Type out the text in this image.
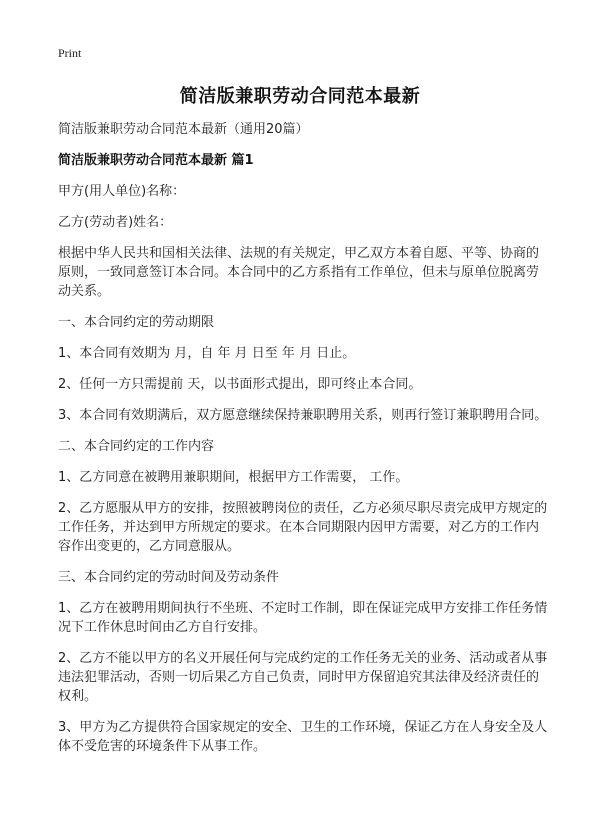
Print
简洁版兼职劳动合同范本最新

简洁版兼职劳动合同范本最新（通用20篇）

简洁版兼职劳动合同范本最新 篇1

甲方(用人单位)名称：

乙方(劳动者)姓名：

根据中华人民共和国相关法律、法规的有关规定，甲乙双方本着自愿、平等、协商的原则，一致同意签订本合同。本合同中的乙方系指有工作单位，但未与原单位脱离劳动关系。

一、本合同约定的劳动期限

1、本合同有效期为 月，自 年 月 日至 年 月 日止。

2、任何一方只需提前 天，以书面形式提出，即可终止本合同。

3、本合同有效期满后，双方愿意继续保持兼职聘用关系，则再行签订兼职聘用合同。

二、本合同约定的工作内容

1、乙方同意在被聘用兼职期间，根据甲方工作需要， 工作。

2、乙方愿服从甲方的安排，按照被聘岗位的责任，乙方必须尽职尽责完成甲方规定的工作任务，并达到甲方所规定的要求。在本合同期限内因甲方需要，对乙方的工作内容作出变更的，乙方同意服从。

三、本合同约定的劳动时间及劳动条件

1、乙方在被聘用期间执行不坐班、不定时工作制，即在保证完成甲方安排工作任务情况下工作休息时间由乙方自行安排。

2、乙方不能以甲方的名义开展任何与完成约定的工作任务无关的业务、活动或者从事违法犯罪活动，否则一切后果乙方自己负责，同时甲方保留追究其法律及经济责任的权利。

3、甲方为乙方提供符合国家规定的安全、卫生的工作环境，保证乙方在人身安全及人体不受危害的环境条件下从事工作。
